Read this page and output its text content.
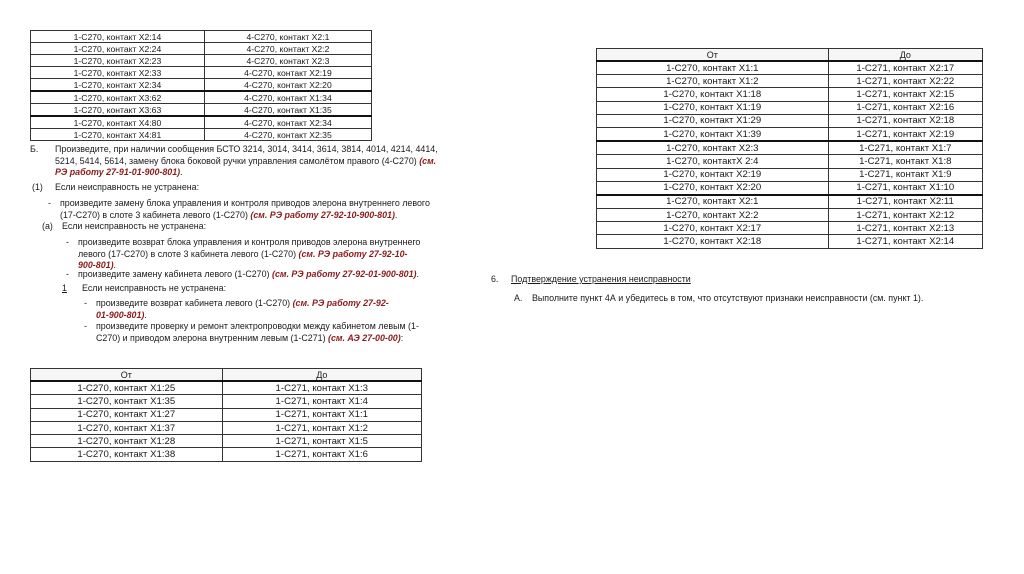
1-С270, контакт Х2:14	4-С270, контакт Х2:1
1-С270, контакт Х2:24	4-С270, контакт Х2:2
1-С270, контакт Х2:23	4-С270, контакт Х2:3
1-С270, контакт Х2:33	4-С270, контакт Х2:19
1-С270, контакт Х2:34	4-С270, контакт Х2:20
1-С270, контакт Х3:62	4-С270, контакт Х1:34
1-С270, контакт Х3:63	4-С270, контакт Х1:35
1-С270, контакт Х4:80	4-С270, контакт Х2:34
1-С270, контакт Х4:81	4-С270, контакт Х2:35
Б. Произведите, при наличии сообщения БСТО 3214, 3014, 3414, 3614, 3814, 4014, 4214, 4414, 5214, 5414, 5614, замену блока боковой ручки управления самолётом правого (4-С270) (см. РЭ работу 27-91-01-900-801).
(1) Если неисправность не устранена:
- произведите замену блока управления и контроля приводов элерона внутреннего левого (17-С270) в слоте 3 кабинета левого (1-С270) (см. РЭ работу 27-92-10-900-801).
(а) Если неисправность не устранена:
- произведите возврат блока управления и контроля приводов элерона внутреннего левого (17-С270) в слоте 3 кабинета левого (1-С270) (см. РЭ работу 27-92-10-900-801).
- произведите замену кабинета левого (1-С270) (см. РЭ работу 27-92-01-900-801).
1 Если неисправность не устранена:
- произведите возврат кабинета левого (1-С270) (см. РЭ работу 27-92-01-900-801).
- произведите проверку и ремонт электропроводки между кабинетом левым (1-С270) и приводом элерона внутренним левым (1-С271) (см. АЭ 27-00-00):
От	До
1-С270, контакт Х1:25	1-С271, контакт Х1:3
1-С270, контакт Х1:35	1-С271, контакт Х1:4
1-С270, контакт Х1:27	1-С271, контакт Х1:1
1-С270, контакт Х1:37	1-С271, контакт Х1:2
1-С270, контакт Х1:28	1-С271, контакт Х1:5
1-С270, контакт Х1:38	1-С271, контакт Х1:6
От	До
1-С270, контакт Х1:1	1-С271, контакт Х2:17
1-С270, контакт Х1:2	1-С271, контакт Х2:22
1-С270, контакт Х1:18	1-С271, контакт Х2:15
1-С270, контакт Х1:19	1-С271, контакт Х2:16
1-С270, контакт Х1:29	1-С271, контакт Х2:18
1-С270, контакт Х1:39	1-С271, контакт Х2:19
1-С270, контакт Х2:3	1-С271, контакт Х1:7
1-С270, контактХ 2:4	1-С271, контакт Х1:8
1-С270, контакт Х2:19	1-С271, контакт Х1:9
1-С270, контакт Х2:20	1-С271, контакт Х1:10
1-С270, контакт Х2:1	1-С271, контакт Х2:11
1-С270, контакт Х2:2	1-С271, контакт Х2:12
1-С270, контакт Х2:17	1-С271, контакт Х2:13
1-С270, контакт Х2:18	1-С271, контакт Х2:14
6. Подтверждение устранения неисправности
А. Выполните пункт 4А и убедитесь в том, что отсутствуют признаки неисправности (см. пункт 1).
